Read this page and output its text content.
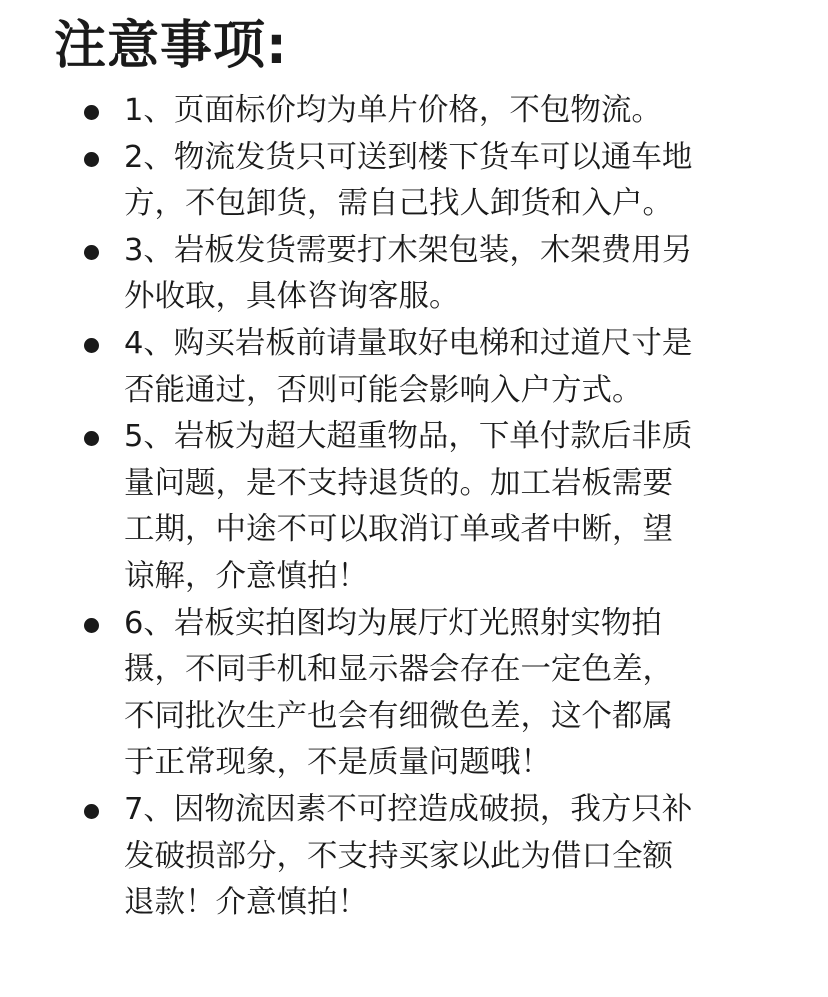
注意事项:
1、页面标价均为单片价格，不包物流。
2、物流发货只可送到楼下货车可以通车地
方，不包卸货，需自己找人卸货和入户。
3、岩板发货需要打木架包装，木架费用另
外收取，具体咨询客服。
4、购买岩板前请量取好电梯和过道尺寸是
否能通过，否则可能会影响入户方式。
5、岩板为超大超重物品，下单付款后非质
量问题，是不支持退货的。加工岩板需要
工期，中途不可以取消订单或者中断，望
谅解，介意慎拍！
6、岩板实拍图均为展厅灯光照射实物拍
摄，不同手机和显示器会存在一定色差，
不同批次生产也会有细微色差，这个都属
于正常现象，不是质量问题哦！
7、因物流因素不可控造成破损，我方只补
发破损部分，不支持买家以此为借口全额
退款！介意慎拍！
